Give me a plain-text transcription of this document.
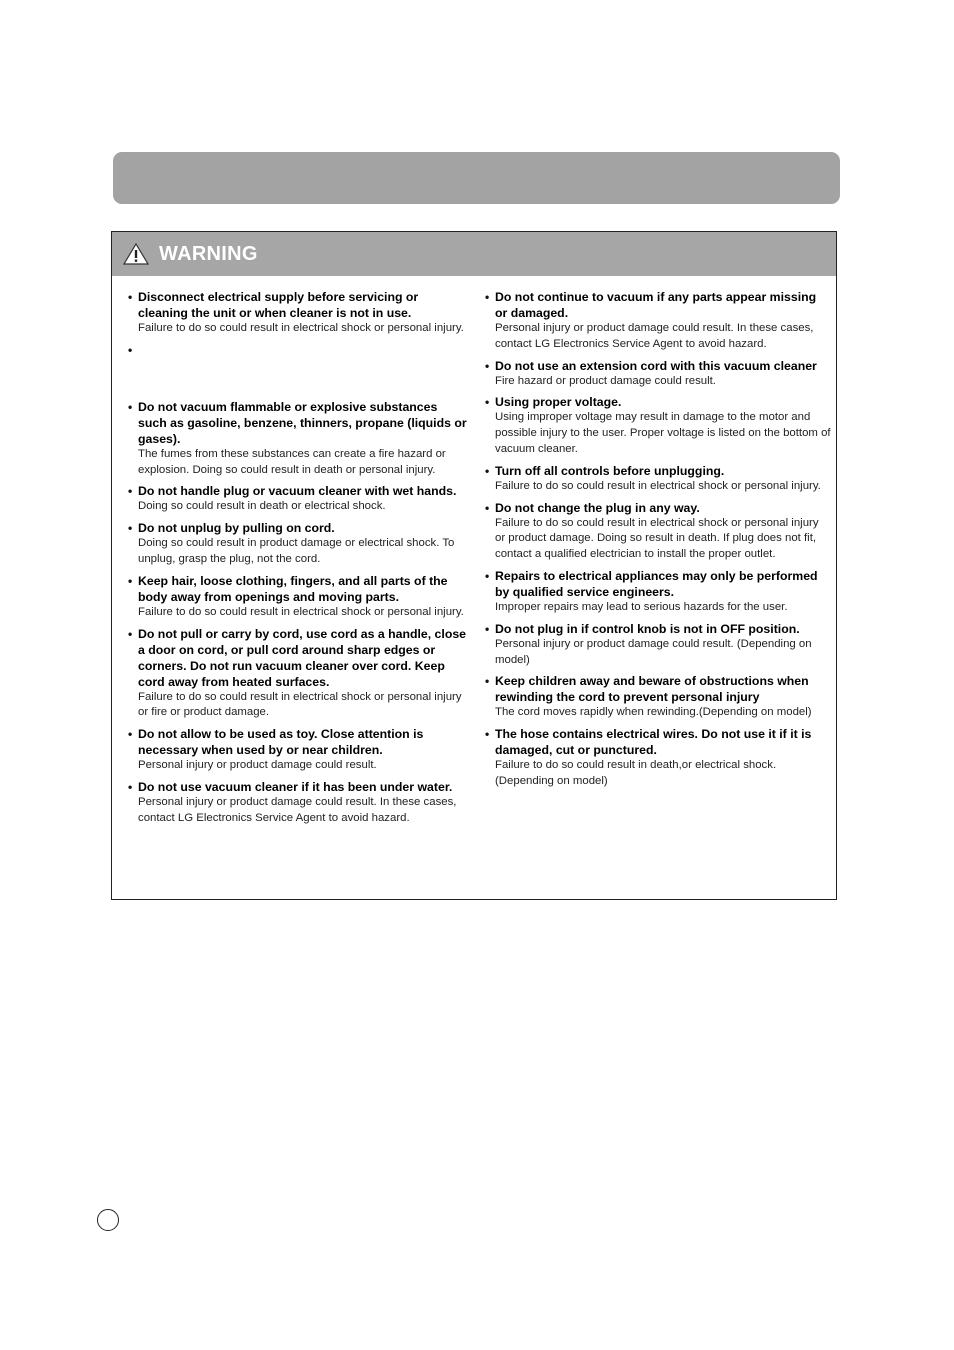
WARNING
• Disconnect electrical supply before servicing or cleaning the unit or when cleaner is not in use.
Failure to do so could result in electrical shock or personal injury.
•
• Do not vacuum flammable or explosive substances such as gasoline, benzene, thinners, propane (liquids or gases).
The fumes from these substances can create a fire hazard or explosion. Doing so could result in death or personal injury.
• Do not handle plug or vacuum cleaner with wet hands.
Doing so could result in death or electrical shock.
• Do not unplug by pulling on cord.
Doing so could result in product damage or electrical shock. To unplug, grasp the plug, not the cord.
• Keep hair, loose clothing, fingers, and all parts of the body away from openings and moving parts.
Failure to do so could result in electrical shock or personal injury.
• Do not pull or carry by cord, use cord as a handle, close a door on cord, or pull cord around sharp edges or corners. Do not run vacuum cleaner over cord. Keep cord away from heated surfaces.
Failure to do so could result in electrical shock or personal injury or fire or product damage.
• Do not allow to be used as toy. Close attention is necessary when used by or near children.
Personal injury or product damage could result.
• Do not use vacuum cleaner if it has been under water.
Personal injury or product damage could result. In these cases, contact LG Electronics Service Agent to avoid hazard.
• Do not continue to vacuum if any parts appear missing or damaged.
Personal injury or product damage could result. In these cases, contact LG Electronics Service Agent to avoid hazard.
• Do not use an extension cord with this vacuum cleaner
Fire hazard or product damage could result.
• Using proper voltage.
Using improper voltage may result in damage to the motor and possible injury to the user. Proper voltage is listed on the bottom of vacuum cleaner.
• Turn off all controls before unplugging.
Failure to do so could result in electrical shock or personal injury.
• Do not change the plug in any way.
Failure to do so could result in electrical shock or personal injury or product damage. Doing so result in death. If plug does not fit, contact a qualified electrician to install the proper outlet.
• Repairs to electrical appliances may only be performed by qualified service engineers.
Improper repairs may lead to serious hazards for the user.
• Do not plug in if control knob is not in OFF position.
Personal injury or product damage could result. (Depending on model)
• Keep children away and beware of obstructions when rewinding the cord to prevent personal injury
The cord moves rapidly when rewinding.(Depending on model)
• The hose contains electrical wires. Do not use it if it is damaged, cut or punctured.
Failure to do so could result in death,or electrical shock. (Depending on model)
